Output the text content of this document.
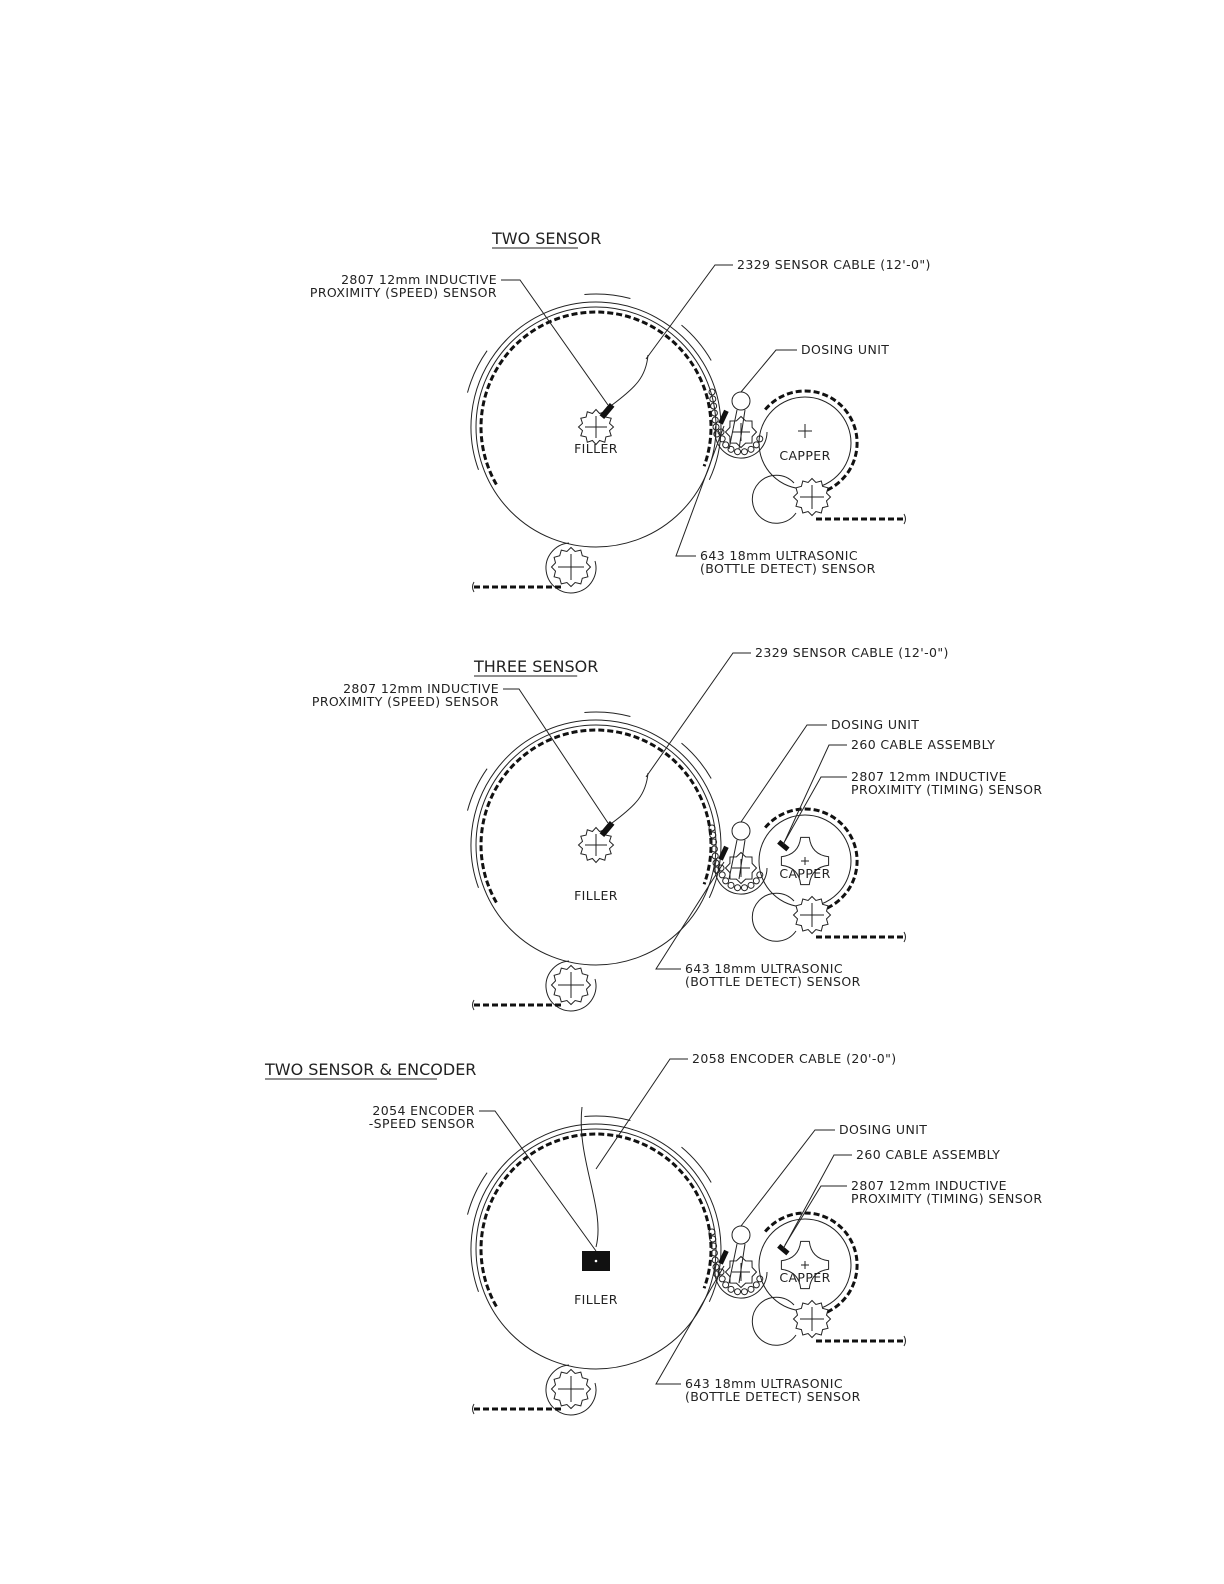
TWO SENSOR
FILLER	CAPPER
2807 12mm INDUCTIVE PROXIMITY (SPEED) SENSOR
2329 SENSOR CABLE (12'-0")
DOSING UNIT
643 18mm ULTRASONIC (BOTTLE DETECT) SENSOR
THREE SENSOR
FILLER
CAPPER
2807 12mm INDUCTIVE PROXIMITY (SPEED) SENSOR
2329 SENSOR CABLE (12'-0")
DOSING UNIT
260 CABLE ASSEMBLY
2807 12mm INDUCTIVE PROXIMITY (TIMING) SENSOR
643 18mm ULTRASONIC (BOTTLE DETECT) SENSOR
TWO SENSOR & ENCODER
FILLER
CAPPER
2054 ENCODER -SPEED SENSOR
2058 ENCODER CABLE (20'-0")
DOSING UNIT
260 CABLE ASSEMBLY
2807 12mm INDUCTIVE PROXIMITY (TIMING) SENSOR
643 18mm ULTRASONIC (BOTTLE DETECT) SENSOR
